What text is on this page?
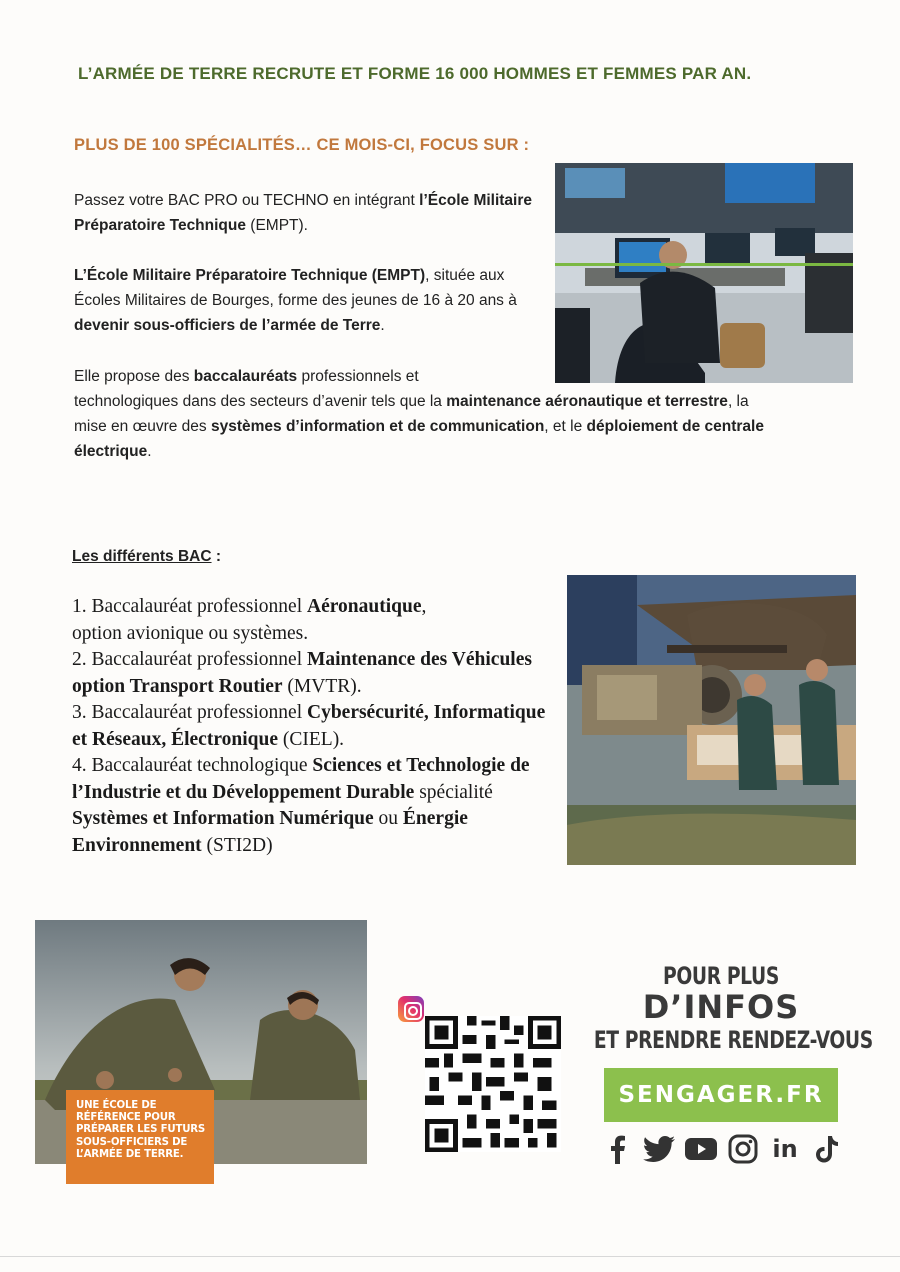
L’ARMÉE DE TERRE RECRUTE ET FORME 16 000 HOMMES ET FEMMES PAR AN.
PLUS DE 100 SPÉCIALITÉS… CE MOIS-CI, FOCUS SUR :
Passez votre BAC PRO ou TECHNO en intégrant l’École Militaire Préparatoire Technique (EMPT).
L’École Militaire Préparatoire Technique (EMPT), située aux Écoles Militaires de Bourges, forme des jeunes de 16 à 20 ans à devenir sous-officiers de l’armée de Terre.
Elle propose des baccalauréats professionnels et
technologiques dans des secteurs d’avenir tels que la maintenance aéronautique et terrestre, la mise en œuvre des systèmes d’information et de communication, et le déploiement de centrale électrique.
Les différents BAC :
1. Baccalauréat professionnel Aéronautique,
option avionique ou systèmes.
2. Baccalauréat professionnel Maintenance des Véhicules option Transport Routier (MVTR).
3. Baccalauréat professionnel Cybersécurité, Informatique et Réseaux, Électronique (CIEL).
4. Baccalauréat technologique Sciences et Technologie de l’Industrie et du Développement Durable spécialité Systèmes et Information Numérique ou Énergie Environnement (STI2D)
UNE ÉCOLE DE RÉFÉRENCE POUR PRÉPARER LES FUTURS SOUS-OFFICIERS DE L’ARMÉE DE TERRE.
POUR PLUS
D’INFOS
ET PRENDRE RENDEZ-VOUS
SENGAGER.FR
in
